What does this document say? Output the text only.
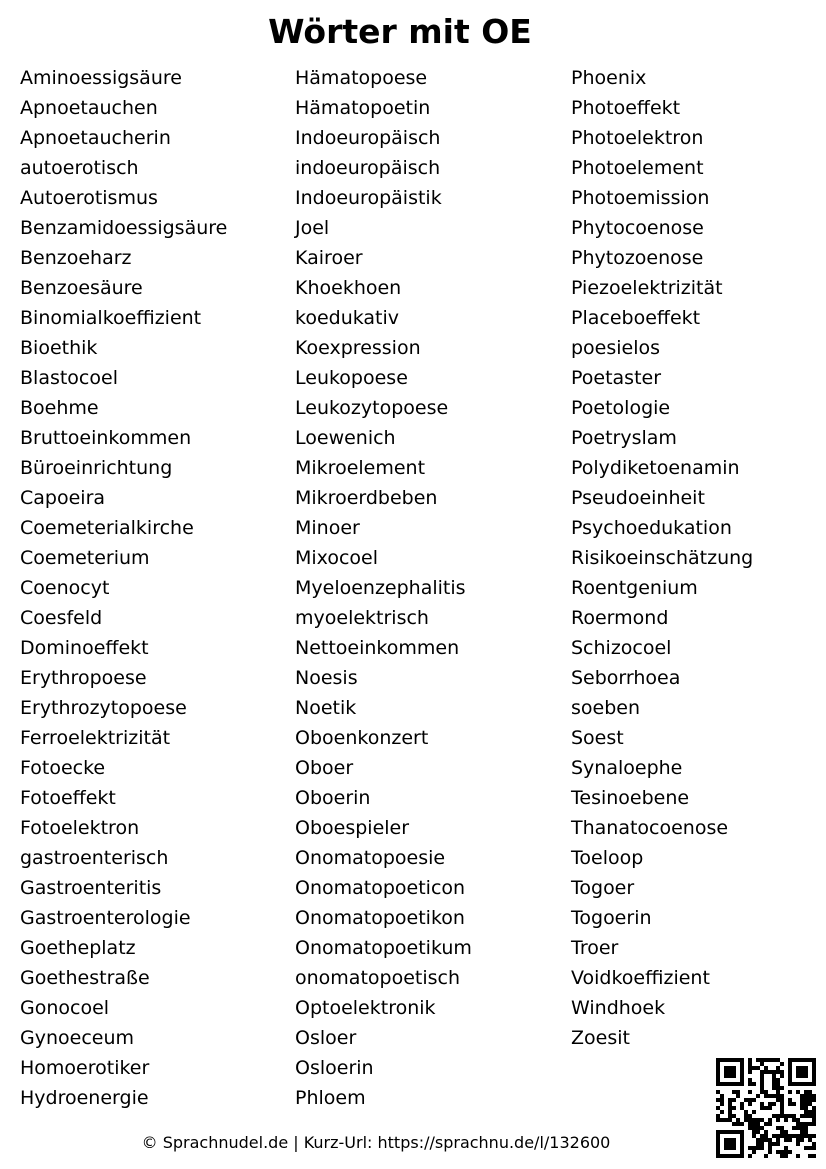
Wörter mit OE
Aminoessigsäure
Apnoetauchen
Apnoetaucherin
autoerotisch
Autoerotismus
Benzamidoessigsäure
Benzoeharz
Benzoesäure
Binomialkoeffizient
Bioethik
Blastocoel
Boehme
Bruttoeinkommen
Büroeinrichtung
Capoeira
Coemeterialkirche
Coemeterium
Coenocyt
Coesfeld
Dominoeffekt
Erythropoese
Erythrozytopoese
Ferroelektrizität
Fotoecke
Fotoeffekt
Fotoelektron
gastroenterisch
Gastroenteritis
Gastroenterologie
Goetheplatz
Goethestraße
Gonocoel
Gynoeceum
Homoerotiker
Hydroenergie
Hämatopoese
Hämatopoetin
Indoeuropäisch
indoeuropäisch
Indoeuropäistik
Joel
Kairoer
Khoekhoen
koedukativ
Koexpression
Leukopoese
Leukozytopoese
Loewenich
Mikroelement
Mikroerdbeben
Minoer
Mixocoel
Myeloenzephalitis
myoelektrisch
Nettoeinkommen
Noesis
Noetik
Oboenkonzert
Oboer
Oboerin
Oboespieler
Onomatopoesie
Onomatopoeticon
Onomatopoetikon
Onomatopoetikum
onomatopoetisch
Optoelektronik
Osloer
Osloerin
Phloem
Phoenix
Photoeffekt
Photoelektron
Photoelement
Photoemission
Phytocoenose
Phytozoenose
Piezoelektrizität
Placeboeffekt
poesielos
Poetaster
Poetologie
Poetryslam
Polydiketoenamin
Pseudoeinheit
Psychoedukation
Risikoeinschätzung
Roentgenium
Roermond
Schizocoel
Seborrhoea
soeben
Soest
Synaloephe
Tesinoebene
Thanatocoenose
Toeloop
Togoer
Togoerin
Troer
Voidkoeffizient
Windhoek
Zoesit
© Sprachnudel.de | Kurz-Url: https://sprachnu.de/l/132600
